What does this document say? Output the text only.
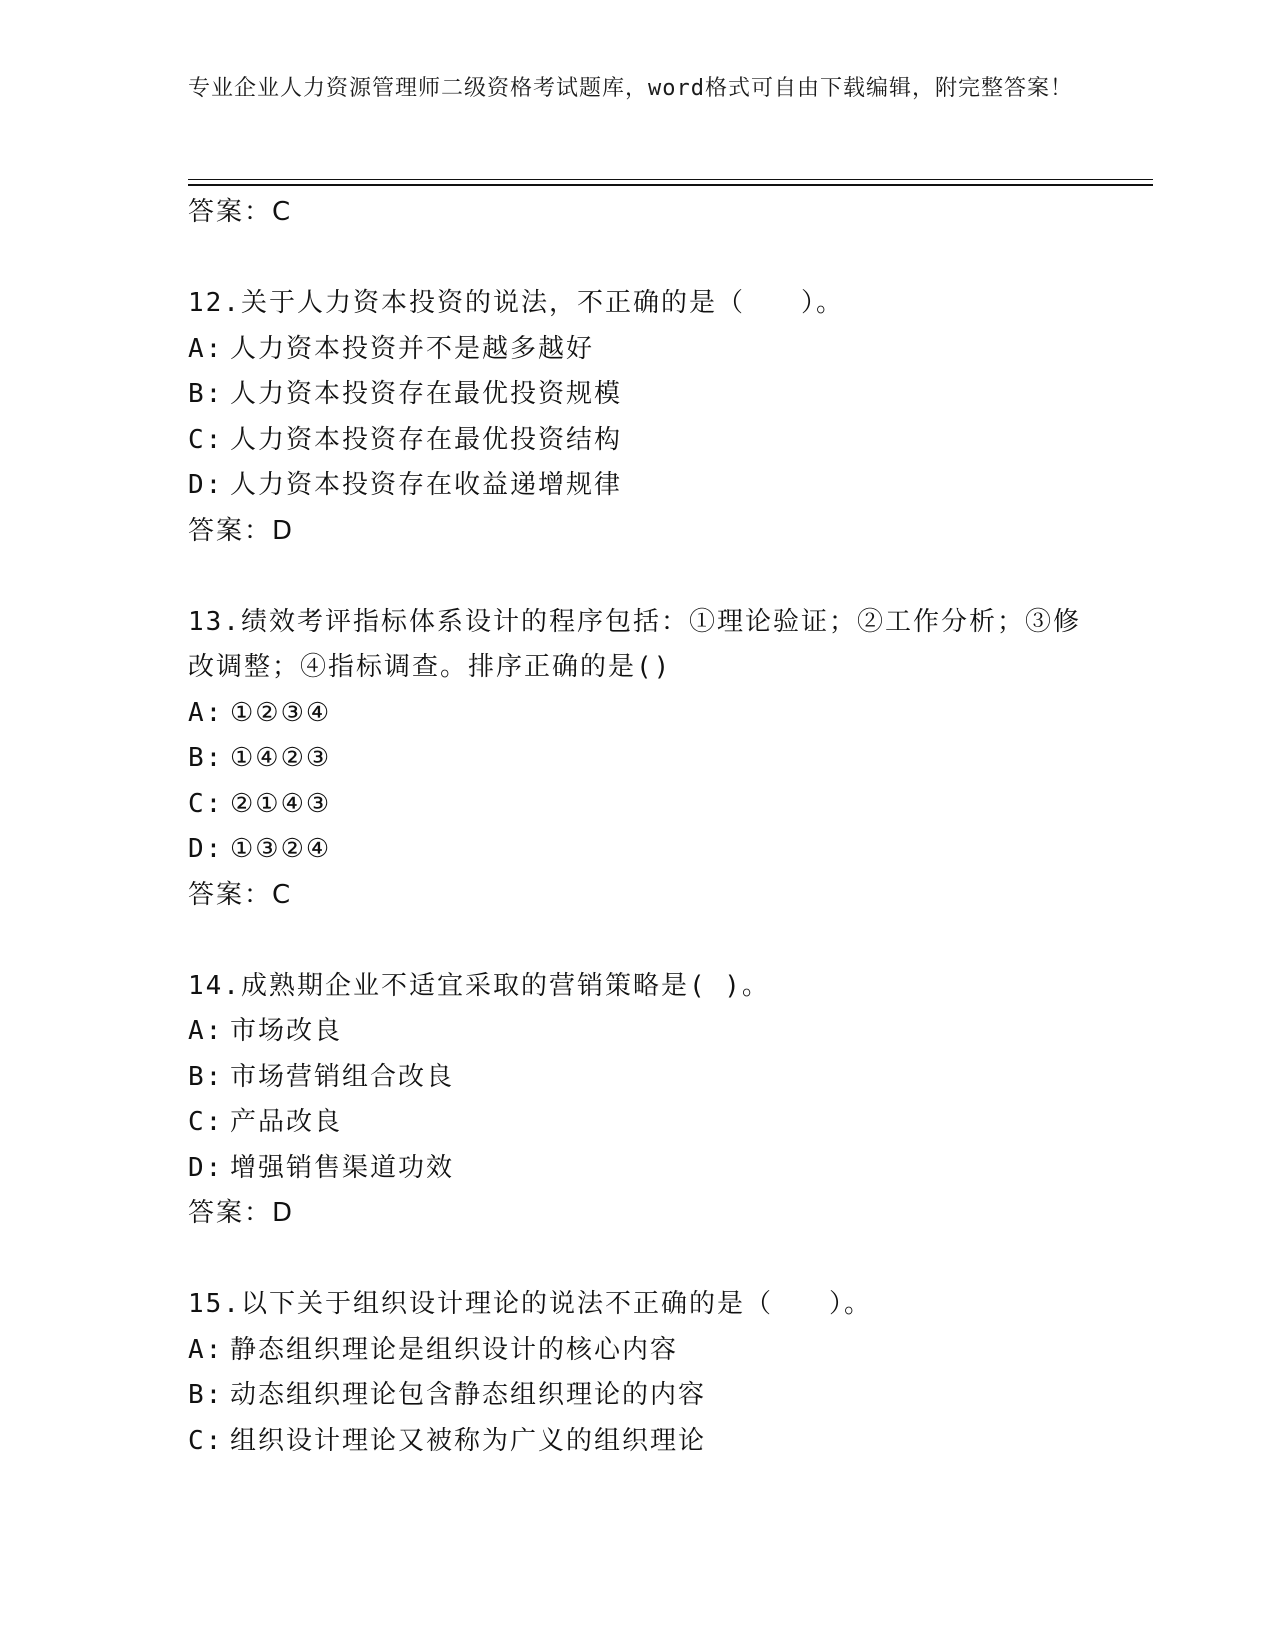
专业企业人力资源管理师二级资格考试题库，word格式可自由下载编辑，附完整答案！
答案：C
12.关于人力资本投资的说法，不正确的是（　　）。
A: 人力资本投资并不是越多越好
B: 人力资本投资存在最优投资规模
C: 人力资本投资存在最优投资结构
D: 人力资本投资存在收益递增规律
答案：D
13.绩效考评指标体系设计的程序包括：①理论验证；②工作分析；③修改调整；④指标调查。排序正确的是()
A: ①②③④
B: ①④②③
C: ②①④③
D: ①③②④
答案：C
14.成熟期企业不适宜采取的营销策略是( )。
A: 市场改良
B: 市场营销组合改良
C: 产品改良
D: 增强销售渠道功效
答案：D
15.以下关于组织设计理论的说法不正确的是（　　）。
A: 静态组织理论是组织设计的核心内容
B: 动态组织理论包含静态组织理论的内容
C: 组织设计理论又被称为广义的组织理论
